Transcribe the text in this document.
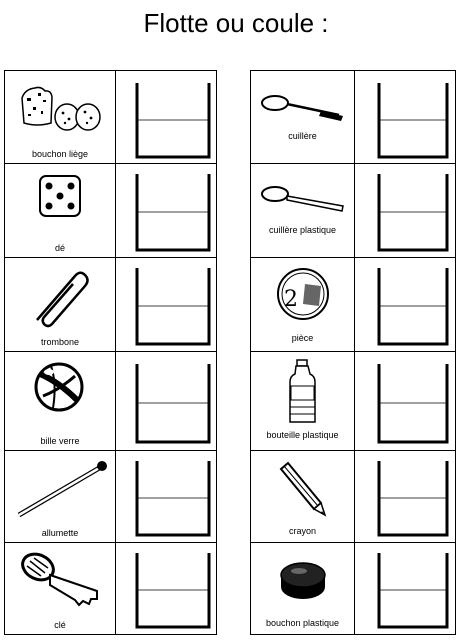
Flotte ou coule :
bouchon liège

dé

trombone

bille verre

allumette

clé

cuillère

cuillère plastique

2
pièce

bouteille plastique

crayon

bouchon plastique
